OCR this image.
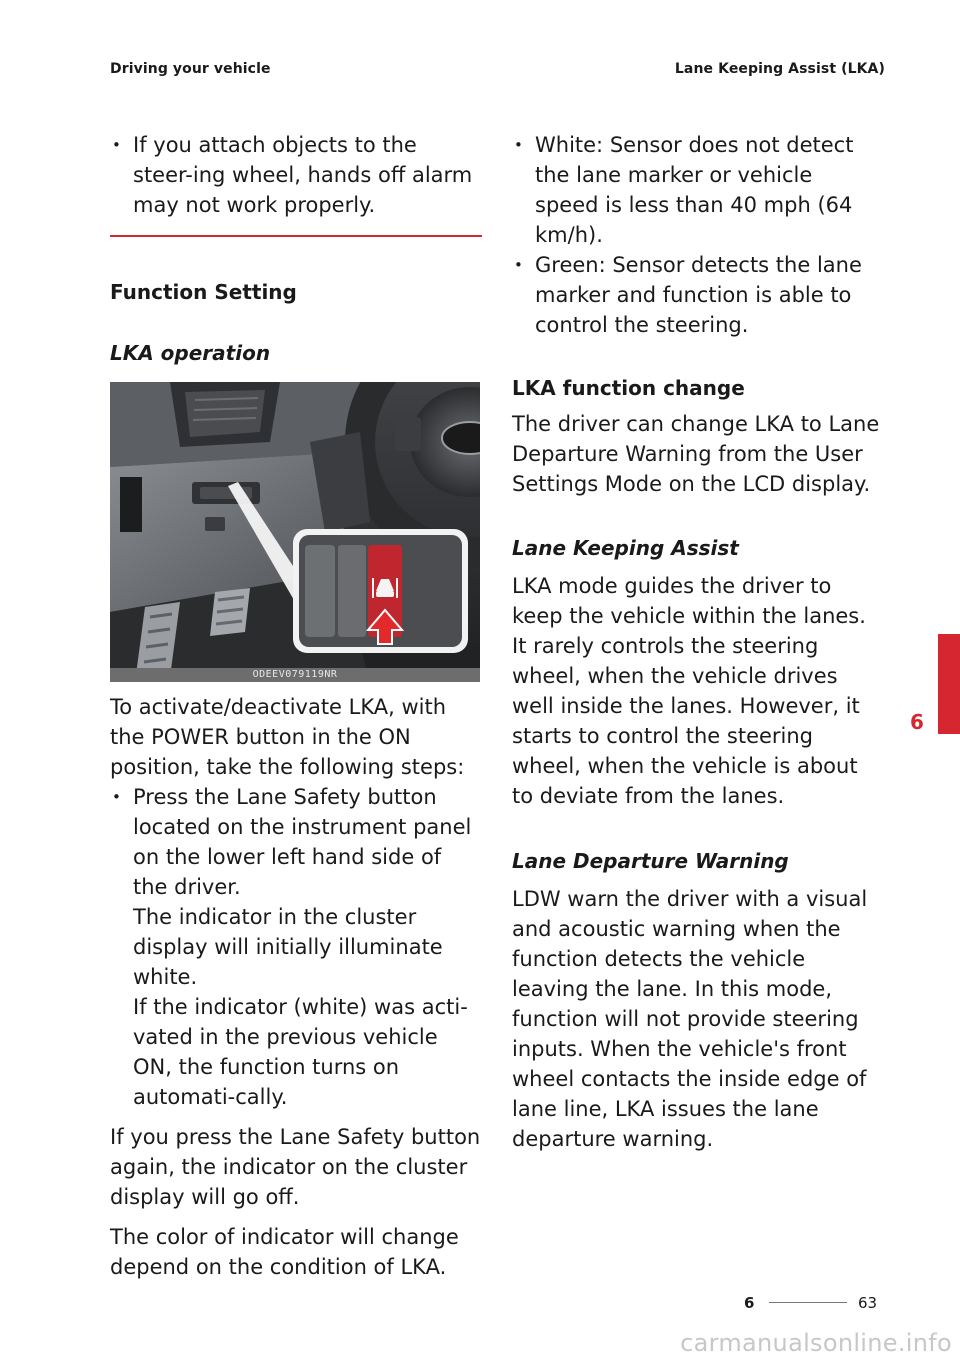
Driving your vehicle	Lane Keeping Assist (LKA)
• If you attach objects to the steer-ing wheel, hands off alarm may not work properly.
Function Setting
LKA operation
ODEEV079119NR
To activate/deactivate LKA, with the POWER button in the ON position, take the following steps:
• Press the Lane Safety button located on the instrument panel on the lower left hand side of the driver.
The indicator in the cluster display will initially illuminate white.
If the indicator (white) was acti-vated in the previous vehicle ON, the function turns on automati-cally.
If you press the Lane Safety button again, the indicator on the cluster display will go off.
The color of indicator will change depend on the condition of LKA.
• White: Sensor does not detect the lane marker or vehicle speed is less than 40 mph (64 km/h).
• Green: Sensor detects the lane marker and function is able to control the steering.
LKA function change
The driver can change LKA to Lane Departure Warning from the User Settings Mode on the LCD display.
Lane Keeping Assist
LKA mode guides the driver to keep the vehicle within the lanes. It rarely controls the steering wheel, when the vehicle drives well inside the lanes. However, it starts to control the steering wheel, when the vehicle is about to deviate from the lanes.
Lane Departure Warning
LDW warn the driver with a visual and acoustic warning when the function detects the vehicle leaving the lane. In this mode, function will not provide steering inputs. When the vehicle's front wheel contacts the inside edge of lane line, LKA issues the lane departure warning.
6
6	63
carmanualsonline.info
